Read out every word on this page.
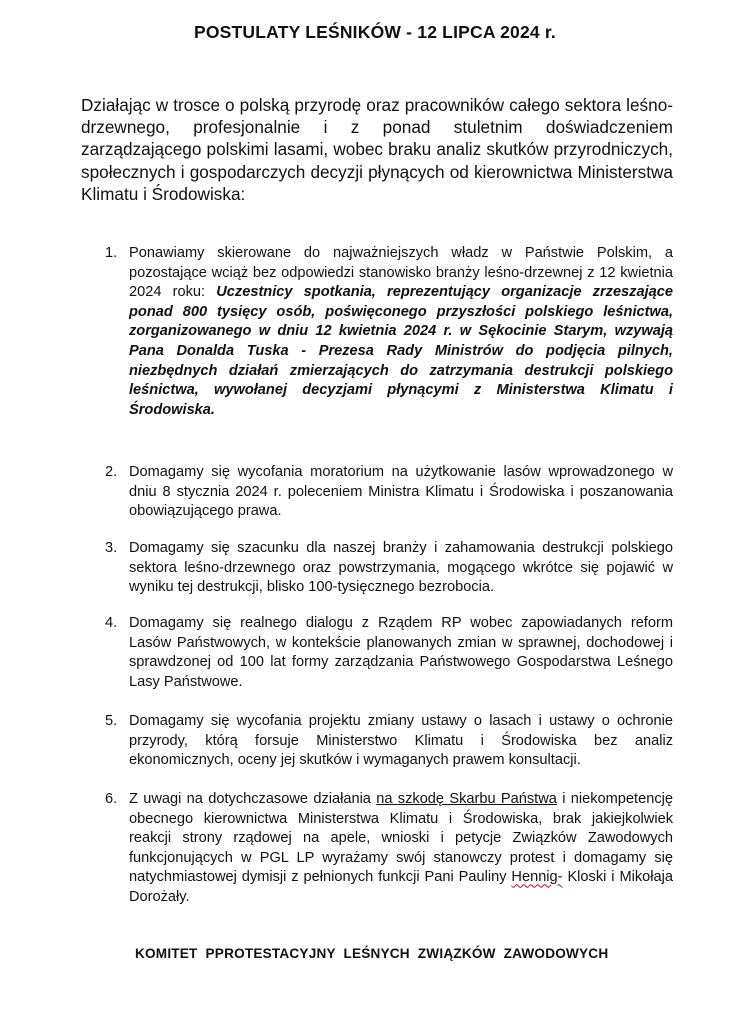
POSTULATY LEŚNIKÓW - 12 LIPCA 2024 r.
Działając w trosce o polską przyrodę oraz pracowników całego sektora leśno-drzewnego, profesjonalnie i z ponad stuletnim doświadczeniem zarządzającego polskimi lasami, wobec braku analiz skutków przyrodniczych, społecznych i gospodarczych decyzji płynących od kierownictwa Ministerstwa Klimatu i Środowiska:
1. Ponawiamy skierowane do najważniejszych władz w Państwie Polskim, a pozostające wciąż bez odpowiedzi stanowisko branży leśno-drzewnej z 12 kwietnia 2024 roku: Uczestnicy spotkania, reprezentujący organizacje zrzeszające ponad 800 tysięcy osób, poświęconego przyszłości polskiego leśnictwa, zorganizowanego w dniu 12 kwietnia 2024 r. w Sękocinie Starym, wzywają Pana Donalda Tuska - Prezesa Rady Ministrów do podjęcia pilnych, niezbędnych działań zmierzających do zatrzymania destrukcji polskiego leśnictwa, wywołanej decyzjami płynącymi z Ministerstwa Klimatu i Środowiska.
2. Domagamy się wycofania moratorium na użytkowanie lasów wprowadzonego w dniu 8 stycznia 2024 r. poleceniem Ministra Klimatu i Środowiska i poszanowania obowiązującego prawa.
3. Domagamy się szacunku dla naszej branży i zahamowania destrukcji polskiego sektora leśno-drzewnego oraz powstrzymania, mogącego wkrótce się pojawić w wyniku tej destrukcji, blisko 100-tysięcznego bezrobocia.
4. Domagamy się realnego dialogu z Rządem RP wobec zapowiadanych reform Lasów Państwowych, w kontekście planowanych zmian w sprawnej, dochodowej i sprawdzonej od 100 lat formy zarządzania Państwowego Gospodarstwa Leśnego Lasy Państwowe.
5. Domagamy się wycofania projektu zmiany ustawy o lasach i ustawy o ochronie przyrody, którą forsuje Ministerstwo Klimatu i Środowiska bez analiz ekonomicznych, oceny jej skutków i wymaganych prawem konsultacji.
6. Z uwagi na dotychczasowe działania na szkodę Skarbu Państwa i niekompetencję obecnego kierownictwa Ministerstwa Klimatu i Środowiska, brak jakiejkolwiek reakcji strony rządowej na apele, wnioski i petycje Związków Zawodowych funkcjonujących w PGL LP wyrażamy swój stanowczy protest i domagamy się natychmiastowej dymisji z pełnionych funkcji Pani Pauliny Hennig- Kloski i Mikołaja Dorożały.
KOMITET PPROTESTACYJNY LEŚNYCH ZWIĄZKÓW ZAWODOWYCH
